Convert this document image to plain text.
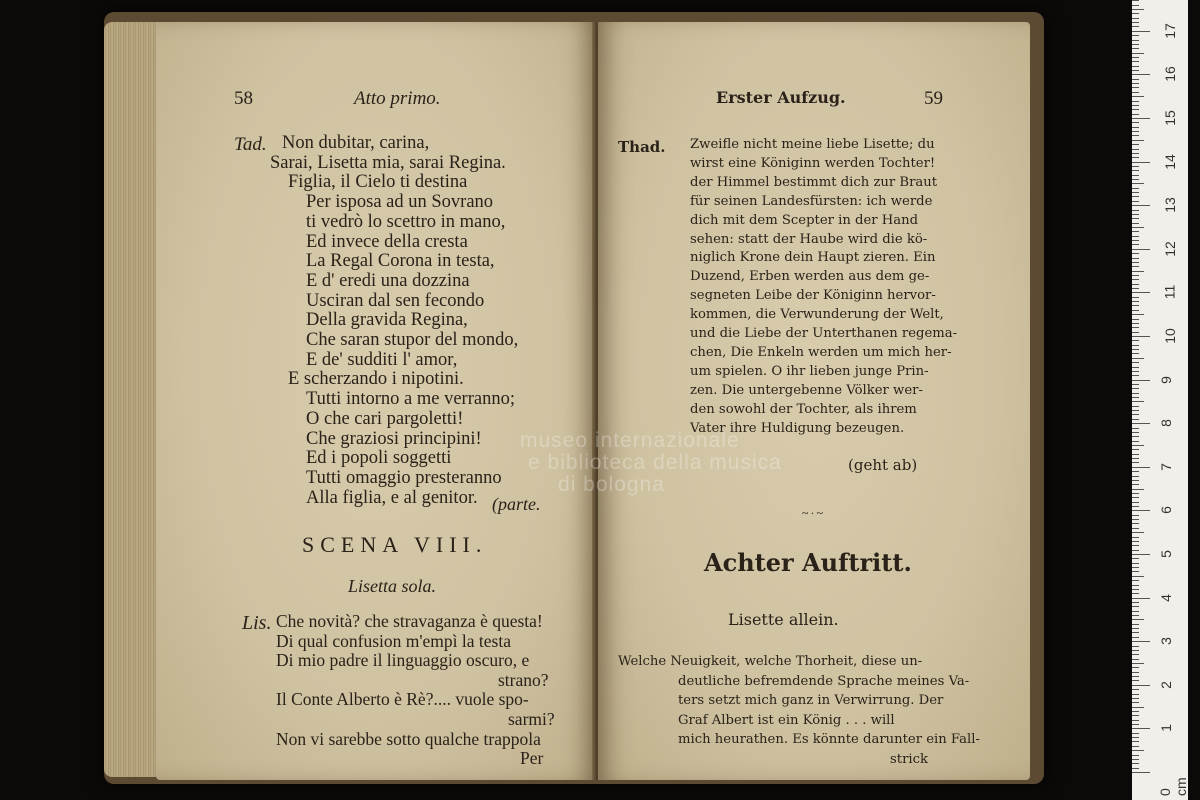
58	Atto primo.
Tad. Non dubitar, carina,
Sarai, Lisetta mia, sarai Regina.
Figlia, il Cielo ti destina
Per isposa ad un Sovrano
ti vedrò lo scettro in mano,
Ed invece della cresta
La Regal Corona in testa,
E d' eredi una dozzina
Usciran dal sen fecondo
Della gravida Regina,
Che saran stupor del mondo,
E de' sudditi l' amor,
E scherzando i nipotini.
Tutti intorno a me verranno;
O che cari pargoletti!
Che graziosi principini!
Ed i popoli soggetti
Tutti omaggio presteranno
Alla figlia, e al genitor. (parte.
SCENA VIII.
Lisetta sola.
Lis. Che novità? che stravaganza è questa!
Di qual confusion m'empì la testa
Di mio padre il linguaggio oscuro, e
strano?
Il Conte Alberto è Rè?.... vuole spo-
sarmi?
Non vi sarebbe sotto qualche trappola
Per
Erster Aufzug.	59
Thad. Zweifle nicht meine liebe Lisette; du
wirst eine Königinn werden Tochter!
der Himmel bestimmt dich zur Braut
für seinen Landesfürsten: ich werde
dich mit dem Scepter in der Hand
sehen: statt der Haube wird die kö-
niglich Krone dein Haupt zieren. Ein
Duzend, Erben werden aus dem ge-
segneten Leibe der Königinn hervor-
kommen, die Verwunderung der Welt,
und die Liebe der Unterthanen regema-
chen, Die Enkeln werden um mich her-
um spielen. O ihr lieben junge Prin-
zen. Die untergebenne Völker wer-
den sowohl der Tochter, als ihrem
Vater ihre Huldigung bezeugen.
(geht ab)
~·~
Achter Auftritt.
Lisette allein.
Welche Neuigkeit, welche Thorheit, diese un-
deutliche befremdende Sprache meines Va-
ters setzt mich ganz in Verwirrung. Der
Graf Albert ist ein König . . . will
mich heurathen. Es könnte darunter ein Fall-
strick
museo internazionale
e biblioteca della musica
di bologna
0 cm
1
2
3
4
5
6
7
8
9
10
11
12
13
14
15
16
17
